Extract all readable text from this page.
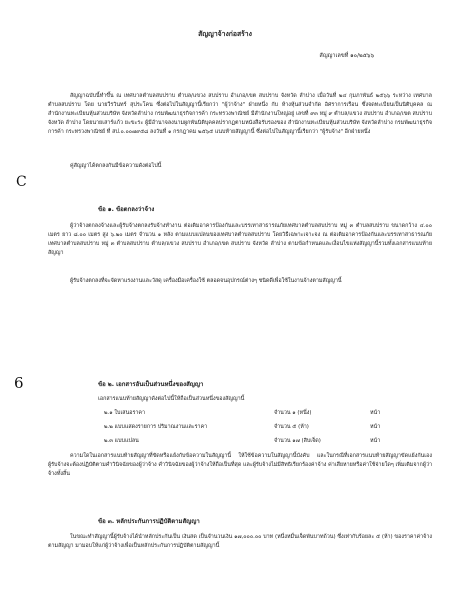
สัญญาจ้างก่อสร้าง
สัญญาเลขที่ ๑๐/๒๕๖๖
สัญญาฉบับนี้ทำขึ้น ณ เทศบาลตำบลสบปราบ ตำบล/แขวง สบปราบ อำเภอ/เขต สบปราบ จังหวัด ลำปาง เมื่อวันที่ ๒๔ กุมภาพันธ์ ๒๕๖๖ ระหว่าง เทศบาลตำบลสบปราบ โดย นายวีรวินทร์ สุประโคน ซึ่งต่อไปในสัญญานี้เรียกว่า "ผู้ว่าจ้าง" ฝ่ายหนึ่ง กับ ห้างหุ้นส่วนจำกัด อิศราการเรือน ซึ่งจดทะเบียนเป็นนิติบุคคล ณ สำนักงานทะเบียนหุ้นส่วนบริษัท จังหวัดลำปาง กรมพัฒนาธุรกิจการค้า กระทรวงพาณิชย์ มีสำนักงานใหญ่อยู่ เลขที่ ๙๓ หมู่ ๙ ตำบล/แขวง สบปราบ อำเภอ/เขต สบปราบ จังหวัด ลำปาง โดยนายเสาร์แก้ว ยะขะระ ผู้มีอำนาจลงนามผูกพันนิติบุคคลปรากฏตามหนังสือรับรองของ สำนักงานทะเบียนหุ้นส่วนบริษัท จังหวัดลำปาง กรมพัฒนาธุรกิจการค้า กระทรวงพาณิชย์ ที่ สป.๐.๐๐๗๙๕๘ ลงวันที่ ๑ กรกฎาคม ๒๕๖๕ แนบท้ายสัญญานี้ ซึ่งต่อไปในสัญญานี้เรียกว่า "ผู้รับจ้าง" อีกฝ่ายหนึ่ง
คู่สัญญาได้ตกลงกันมีข้อความดังต่อไปนี้
C
ข้อ ๑. ข้อตกลงว่าจ้าง
ผู้ว่าจ้างตกลงจ้างและผู้รับจ้างตกลงรับจ้างทำงาน ต่อเติมอาคารป้องกันและบรรเทาสาธารณภัยเทศบาลตำบลสบปราบ หมู่ ๓ ตำบลสบปราบ ขนาดกว้าง ๔.๐๐ เมตร ยาว ๘.๐๐ เมตร สูง ๖.๒๐ เมตร จำนวน ๑ หลัง ตามแบบแปลนของเทศบาลตำบลสบปราบ โดยวิธีเฉพาะเจาะจง ณ ต่อเติมอาคารป้องกันและบรรเทาสาธารณภัยเทศบาลตำบลสบปราบ หมู่ ๓ ตำบลสบปราบ ตำบล/แขวง สบปราบ อำเภอ/เขต สบปราบ จังหวัด ลำปาง ตามข้อกำหนดและเงื่อนไขแห่งสัญญานี้รวมทั้งเอกสารแนบท้ายสัญญา
ผู้รับจ้างตกลงที่จะจัดหาแรงงานและวัสดุ เครื่องมือเครื่องใช้ ตลอดจนอุปกรณ์ต่างๆ ชนิดดีเพื่อใช้ในงานจ้างตามสัญญานี้
6	ข้อ ๒. เอกสารอันเป็นส่วนหนึ่งของสัญญา
เอกสารแนบท้ายสัญญาดังต่อไปนี้ให้ถือเป็นส่วนหนึ่งของสัญญานี้
๒.๑ ใบเสนอราคา	จำนวน ๑ (หนึ่ง)	หน้า
๒.๒ แบบแสดงรายการ ปริมาณงานและราคา	จำนวน ๕ (ห้า)	หน้า
๒.๓ แบบแปลน	จำนวน ๑๗ (สิบเจ็ด)	หน้า
ความใดในเอกสารแนบท้ายสัญญาที่ขัดหรือแย้งกับข้อความในสัญญานี้ ให้ใช้ข้อความในสัญญานี้บังคับ และในกรณีที่เอกสารแนบท้ายสัญญาขัดแย้งกันเอง ผู้รับจ้างจะต้องปฏิบัติตามคำวินิจฉัยของผู้ว่าจ้าง คำวินิจฉัยของผู้ว่าจ้างให้ถือเป็นที่สุด และผู้รับจ้างไม่มีสิทธิเรียกร้องค่าจ้าง ค่าเสียหายหรือค่าใช้จ่ายใดๆ เพิ่มเติมจากผู้ว่าจ้างทั้งสิ้น
ข้อ ๓. หลักประกันการปฏิบัติตามสัญญา
ในขณะทำสัญญานี้ผู้รับจ้างได้นำหลักประกันเป็น เงินสด เป็นจำนวนเงิน ๑๗,๐๐๐.๐๐ บาท (หนึ่งหมื่นเจ็ดพันบาทถ้วน) ซึ่งเท่ากับร้อยละ ๕ (ห้า) ของราคาค่าจ้างตามสัญญา มามอบให้แก่ผู้ว่าจ้างเพื่อเป็นหลักประกันการปฏิบัติตามสัญญานี้
